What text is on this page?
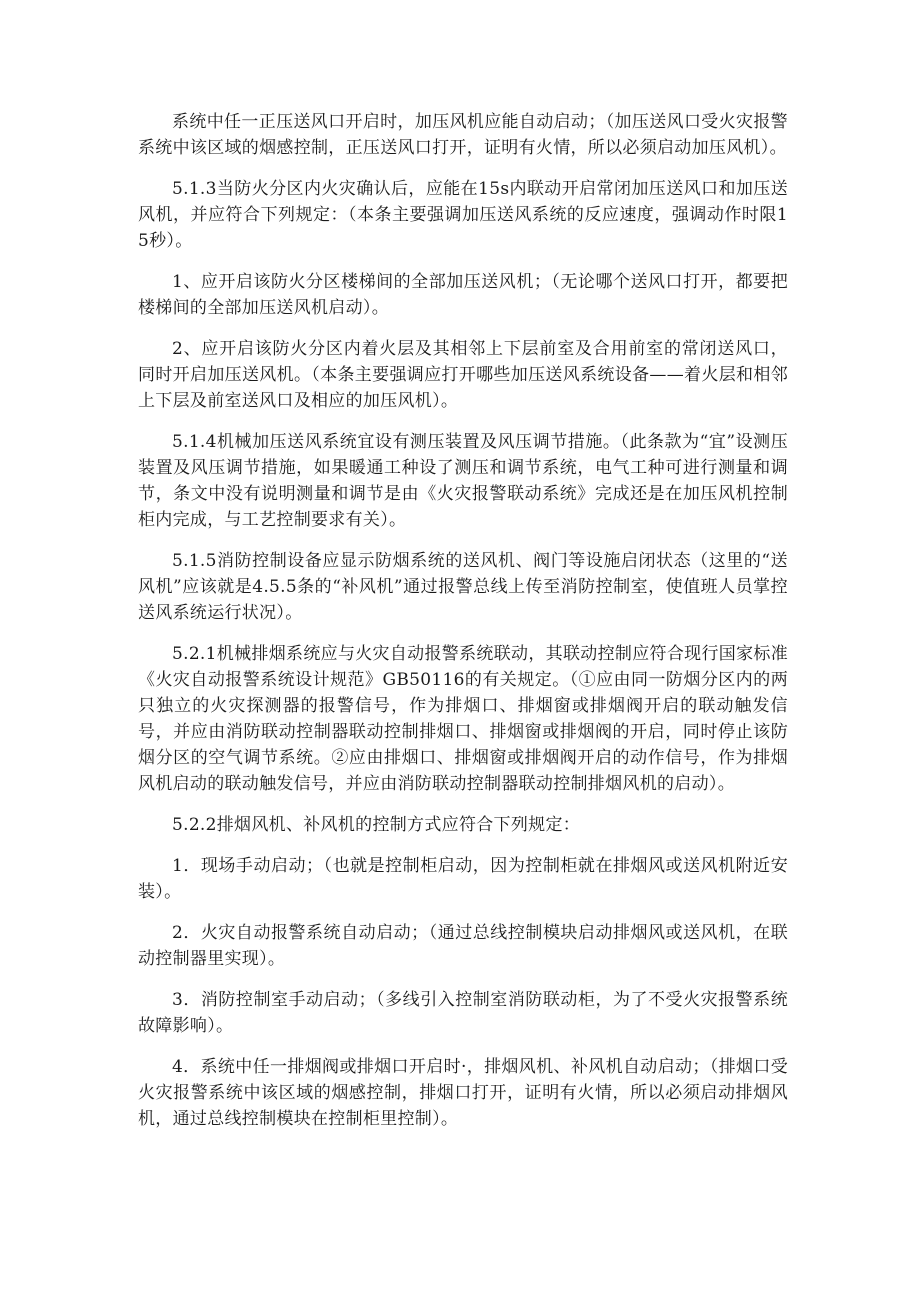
系统中任一正压送风口开启时，加压风机应能自动启动；（加压送风口受火灾报警系统中该区域的烟感控制，正压送风口打开，证明有火情，所以必须启动加压风机）。

5.1.3当防火分区内火灾确认后，应能在15s内联动开启常闭加压送风口和加压送风机，并应符合下列规定：（本条主要强调加压送风系统的反应速度，强调动作时限15秒）。

1、应开启该防火分区楼梯间的全部加压送风机；（无论哪个送风口打开，都要把楼梯间的全部加压送风机启动）。

2、应开启该防火分区内着火层及其相邻上下层前室及合用前室的常闭送风口，同时开启加压送风机。（本条主要强调应打开哪些加压送风系统设备——着火层和相邻上下层及前室送风口及相应的加压风机）。

5.1.4机械加压送风系统宜设有测压装置及风压调节措施。（此条款为“宜”设测压装置及风压调节措施，如果暖通工种设了测压和调节系统，电气工种可进行测量和调节，条文中没有说明测量和调节是由《火灾报警联动系统》完成还是在加压风机控制柜内完成，与工艺控制要求有关）。

5.1.5消防控制设备应显示防烟系统的送风机、阀门等设施启闭状态（这里的“送风机”应该就是4.5.5条的“补风机”通过报警总线上传至消防控制室，使值班人员掌控送风系统运行状况）。

5.2.1机械排烟系统应与火灾自动报警系统联动，其联动控制应符合现行国家标准《火灾自动报警系统设计规范》GB50116的有关规定。（①应由同一防烟分区内的两只独立的火灾探测器的报警信号，作为排烟口、排烟窗或排烟阀开启的联动触发信号，并应由消防联动控制器联动控制排烟口、排烟窗或排烟阀的开启，同时停止该防烟分区的空气调节系统。②应由排烟口、排烟窗或排烟阀开启的动作信号，作为排烟风机启动的联动触发信号，并应由消防联动控制器联动控制排烟风机的启动）。

5.2.2排烟风机、补风机的控制方式应符合下列规定：

1．现场手动启动；（也就是控制柜启动，因为控制柜就在排烟风或送风机附近安装）。

2．火灾自动报警系统自动启动；（通过总线控制模块启动排烟风或送风机，在联动控制器里实现）。

3．消防控制室手动启动；（多线引入控制室消防联动柜，为了不受火灾报警系统故障影响）。

4．系统中任一排烟阀或排烟口开启时·，排烟风机、补风机自动启动；（排烟口受火灾报警系统中该区域的烟感控制，排烟口打开，证明有火情，所以必须启动排烟风机，通过总线控制模块在控制柜里控制）。
